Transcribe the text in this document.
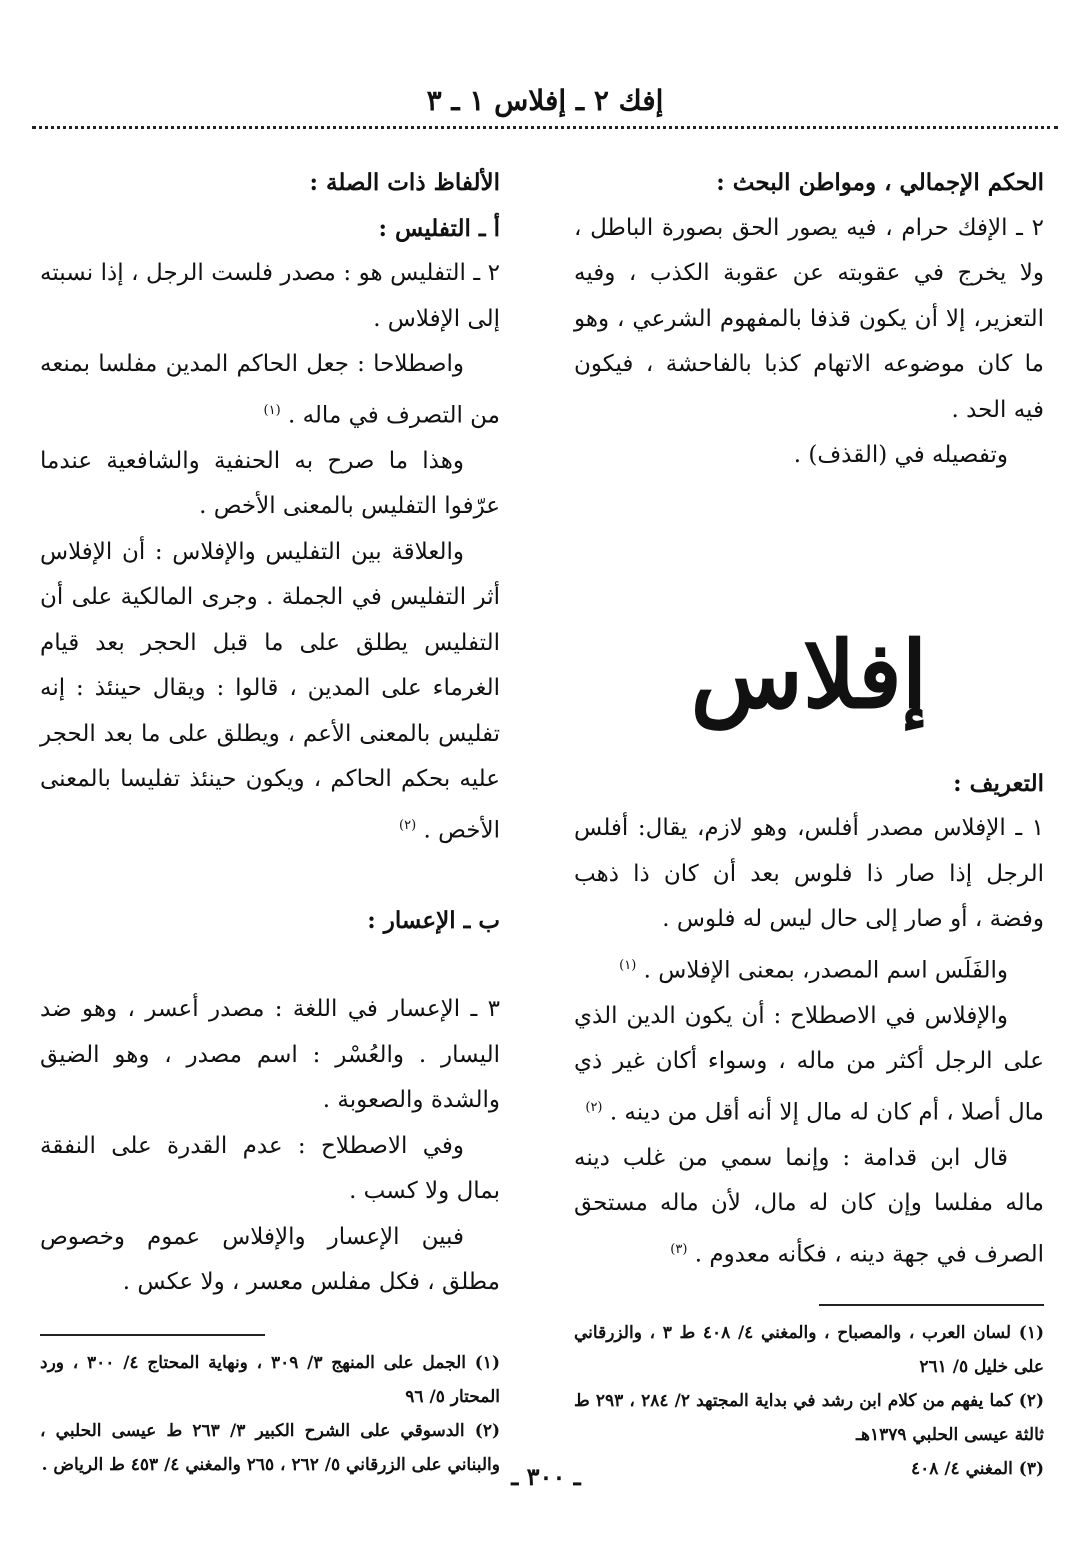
إفك ٢ ـ إفلاس ١ ـ ٣

الحكم الإجمالي ، ومواطن البحث :

٢ ـ الإفك حرام ، فيه يصور الحق بصورة الباطل ، ولا يخرج في عقوبته عن عقوبة الكذب ، وفيه التعزير، إلا أن يكون قذفا بالمفهوم الشرعي ، وهو ما كان موضوعه الاتهام كذبا بالفاحشة ، فيكون فيه الحد .

وتفصيله في (القذف) .

إفلاس

التعريف :

١ ـ الإفلاس مصدر أفلس، وهو لازم، يقال: أفلس الرجل إذا صار ذا فلوس بعد أن كان ذا ذهب وفضة ، أو صار إلى حال ليس له فلوس .

والفَلَس اسم المصدر، بمعنى الإفلاس . $^{(١)}$

والإفلاس في الاصطلاح : أن يكون الدين الذي على الرجل أكثر من ماله ، وسواء أكان غير ذي مال أصلا ، أم كان له مال إلا أنه أقل من دينه . $^{(٢)}$

قال ابن قدامة : وإنما سمي من غلب دينه ماله مفلسا وإن كان له مال، لأن ماله مستحق الصرف في جهة دينه ، فكأنه معدوم . $^{(٣)}$

(١) لسان العرب ، والمصباح ، والمغني ٤/ ٤٠٨ ط ٣ ، والزرقاني على خليل ٥/ ٢٦١

(٢) كما يفهم من كلام ابن رشد في بداية المجتهد ٢/ ٢٨٤ ، ٢٩٣ ط ثالثة عيسى الحلبي ١٣٧٩هـ

(٣) المغني ٤/ ٤٠٨

الألفاظ ذات الصلة :

أ ـ التفليس :

٢ ـ التفليس هو : مصدر فلست الرجل ، إذا نسبته إلى الإفلاس .

واصطلاحا : جعل الحاكم المدين مفلسا بمنعه من التصرف في ماله . $^{(١)}$

وهذا ما صرح به الحنفية والشافعية عندما عرّفوا التفليس بالمعنى الأخص .

والعلاقة بين التفليس والإفلاس : أن الإفلاس أثر التفليس في الجملة . وجرى المالكية على أن التفليس يطلق على ما قبل الحجر بعد قيام الغرماء على المدين ، قالوا : ويقال حينئذ : إنه تفليس بالمعنى الأعم ، ويطلق على ما بعد الحجر عليه بحكم الحاكم ، ويكون حينئذ تفليسا بالمعنى الأخص . $^{(٢)}$

ب ـ الإعسار :

٣ ـ الإعسار في اللغة : مصدر أعسر ، وهو ضد اليسار . والعُسْر : اسم مصدر ، وهو الضيق والشدة والصعوبة .

وفي الاصطلاح : عدم القدرة على النفقة بمال ولا كسب .

فبين الإعسار والإفلاس عموم وخصوص مطلق ، فكل مفلس معسر ، ولا عكس .

(١) الجمل على المنهج ٣/ ٣٠٩ ، ونهاية المحتاج ٤/ ٣٠٠ ، ورد المحتار ٥/ ٩٦

(٢) الدسوقي على الشرح الكبير ٣/ ٢٦٣ ط عيسى الحلبي ، والبناني على الزرقاني ٥/ ٢٦٢ ، ٢٦٥ والمغني ٤/ ٤٥٣ ط الرياض . ـ ٣٠٠ ـ
